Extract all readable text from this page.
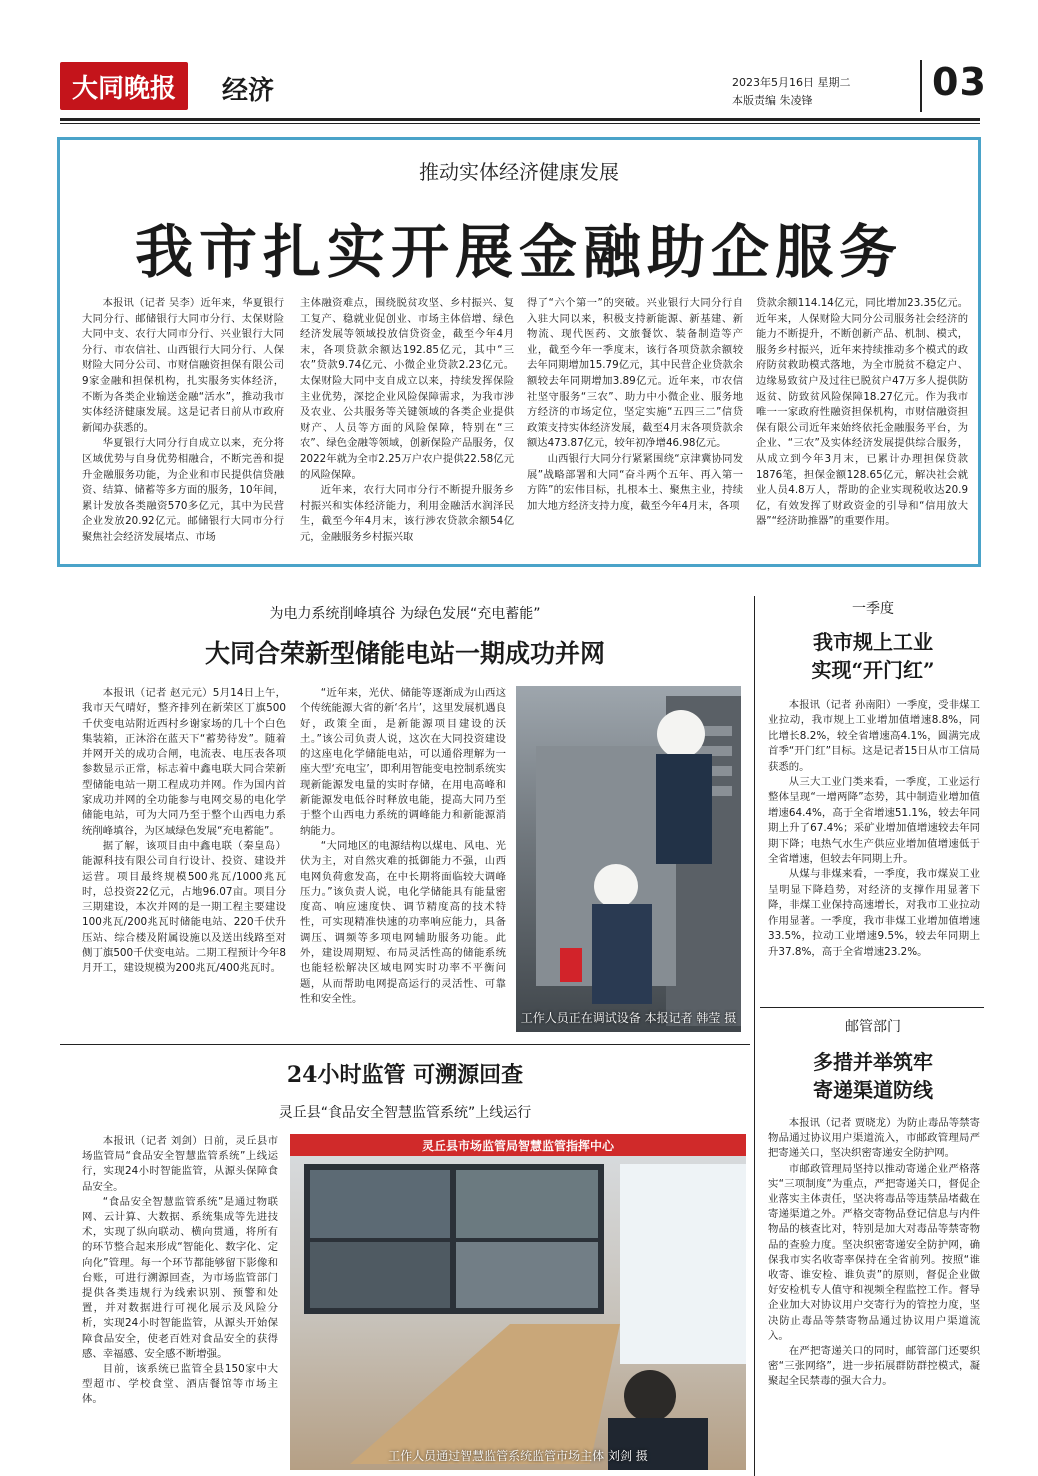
大同晚报 经济	2023年5月16日 星期二
本版责编 朱凌锋	03
推动实体经济健康发展
我市扎实开展金融助企服务

本报讯（记者 吴李）近年来，华夏银行大同分行、邮储银行大同市分行、太保财险大同中支、农行大同市分行、兴业银行大同分行、市农信社、山西银行大同分行、人保财险大同分公司、市财信融资担保有限公司9家金融和担保机构，扎实服务实体经济，不断为各类企业输送金融“活水”，推动我市实体经济健康发展。这是记者日前从市政府新闻办获悉的。

华夏银行大同分行自成立以来，充分将区域优势与自身优势相融合，不断完善和提升金融服务功能，为企业和市民提供信贷融资、结算、储蓄等多方面的服务，10年间，累计发放各类融资570多亿元，其中为民营企业发放20.92亿元。邮储银行大同市分行聚焦社会经济发展堵点、市场

主体融资难点，围绕脱贫攻坚、乡村振兴、复工复产、稳就业促创业、市场主体倍增、绿色经济发展等领域投放信贷资金，截至今年4月末，各项贷款余额达192.85亿元，其中“三农”贷款9.74亿元、小微企业贷款2.23亿元。太保财险大同中支自成立以来，持续发挥保险主业优势，深挖企业风险保障需求，为我市涉及农业、公共服务等关键领域的各类企业提供财产、人员等方面的风险保障，特别在“三农”、绿色金融等领域，创新保险产品服务，仅2022年就为全市2.25万户农户提供22.58亿元的风险保障。

近年来，农行大同市分行不断提升服务乡村振兴和实体经济能力，利用金融活水润泽民生，截至今年4月末，该行涉农贷款余额54亿元，金融服务乡村振兴取

得了“六个第一”的突破。兴业银行大同分行自入驻大同以来，积极支持新能源、新基建、新物流、现代医药、文旅餐饮、装备制造等产业，截至今年一季度末，该行各项贷款余额较去年同期增加15.79亿元，其中民营企业贷款余额较去年同期增加3.89亿元。近年来，市农信社坚守服务“三农”、助力中小微企业、服务地方经济的市场定位，坚定实施“五四三二”信贷政策支持实体经济发展，截至4月末各项贷款余额达473.87亿元，较年初净增46.98亿元。

山西银行大同分行紧紧围绕“京津冀协同发展”战略部署和大同“奋斗两个五年、再入第一方阵”的宏伟目标，扎根本土、聚焦主业，持续加大地方经济支持力度，截至今年4月末，各项

贷款余额114.14亿元，同比增加23.35亿元。近年来，人保财险大同分公司服务社会经济的能力不断提升，不断创新产品、机制、模式，服务乡村振兴，近年来持续推动多个模式的政府防贫救助模式落地，为全市脱贫不稳定户、边缘易致贫户及过往已脱贫户47万多人提供防返贫、防致贫风险保障18.27亿元。作为我市唯一一家政府性融资担保机构，市财信融资担保有限公司近年来始终依托金融服务平台，为企业、“三农”及实体经济发展提供综合服务，从成立到今年3月末，已累计办理担保贷款1876笔，担保金额128.65亿元，解决社会就业人员4.8万人，帮助的企业实现税收达20.9亿，有效发挥了财政资金的引导和“信用放大器”“经济助推器”的重要作用。

为电力系统削峰填谷 为绿色发展“充电蓄能”
大同合荣新型储能电站一期成功并网

本报讯（记者 赵元元）5月14日上午，我市天气晴好，整齐排列在新荣区丁旗500千伏变电站附近西村乡谢家场的几十个白色集装箱，正沐浴在蓝天下“蓄势待发”。随着并网开关的成功合闸，电流表、电压表各项参数显示正常，标志着中鑫电联大同合荣新型储能电站一期工程成功并网。作为国内首家成功并网的全功能参与电网交易的电化学储能电站，可为大同乃至于整个山西电力系统削峰填谷，为区域绿色发展“充电蓄能”。

据了解，该项目由中鑫电联（秦皇岛）能源科技有限公司自行设计、投资、建设并运营。项目最终规模500兆瓦/1000兆瓦时，总投资22亿元，占地96.07亩。项目分三期建设，本次并网的是一期工程主要建设100兆瓦/200兆瓦时储能电站、220千伏升压站、综合楼及附属设施以及送出线路至对侧丁旗500千伏变电站。二期工程预计今年8月开工，建设规模为200兆瓦/400兆瓦时。

“近年来，光伏、储能等逐渐成为山西这个传统能源大省的新‘名片’，这里发展机遇良好，政策全面，是新能源项目建设的沃土。”该公司负责人说，这次在大同投资建设的这座电化学储能电站，可以通俗理解为一座大型‘充电宝’，即利用智能变电控制系统实现新能源发电量的实时存储，在用电高峰和新能源发电低谷时释放电能，提高大同乃至于整个山西电力系统的调峰能力和新能源消纳能力。

“大同地区的电源结构以煤电、风电、光伏为主，对自然灾难的抵御能力不强，山西电网负荷愈发高，在中长期将面临较大调峰压力。”该负责人说，电化学储能具有能量密度高、响应速度快、调节精度高的技术特性，可实现精准快速的功率响应能力，具备调压、调频等多项电网辅助服务功能。此外，建设周期短、布局灵活性高的储能系统也能轻松解决区域电网实时功率不平衡问题，从而帮助电网提高运行的灵活性、可靠性和安全性。

工作人员正在调试设备 本报记者 韩莹 摄
一季度
我市规上工业
实现“开门红”

本报讯（记者 孙南阳）一季度，受非煤工业拉动，我市规上工业增加值增速8.8%，同比增长8.2%，较全省增速高4.1%，圆满完成首季“开门红”目标。这是记者15日从市工信局获悉的。

从三大工业门类来看，一季度，工业运行整体呈现“一增两降”态势，其中制造业增加值增速64.4%，高于全省增速51.1%，较去年同期上升了67.4%；采矿业增加值增速较去年同期下降；电热气水生产供应业增加值增速低于全省增速，但较去年同期上升。

从煤与非煤来看，一季度，我市煤炭工业呈明显下降趋势，对经济的支撑作用显著下降，非煤工业保持高速增长，对我市工业拉动作用显著。一季度，我市非煤工业增加值增速33.5%，拉动工业增速9.5%，较去年同期上升37.8%，高于全省增速23.2%。

邮管部门
多措并举筑牢
寄递渠道防线

本报讯（记者 贾晓龙）为防止毒品等禁寄物品通过协议用户渠道流入，市邮政管理局严把寄递关口，坚决织密寄递安全防护网。

市邮政管理局坚持以推动寄递企业严格落实“三项制度”为重点，严把寄递关口，督促企业落实主体责任，坚决将毒品等违禁品堵截在寄递渠道之外。严格交寄物品登记信息与内件物品的核查比对，特别是加大对毒品等禁寄物品的查验力度。坚决织密寄递安全防护网，确保我市实名收寄率保持在全省前列。按照“谁收寄、谁安检、谁负责”的原则，督促企业做好安检机专人值守和视频全程监控工作。督导企业加大对协议用户交寄行为的管控力度，坚决防止毒品等禁寄物品通过协议用户渠道流入。

在严把寄递关口的同时，邮管部门还要织密“三张网络”，进一步拓展群防群控模式，凝聚起全民禁毒的强大合力。

24小时监管 可溯源回查
灵丘县“食品安全智慧监管系统”上线运行

本报讯（记者 刘剑）日前，灵丘县市场监管局“食品安全智慧监管系统”上线运行，实现24小时智能监管，从源头保障食品安全。

“食品安全智慧监管系统”是通过物联网、云计算、大数据、系统集成等先进技术，实现了纵向联动、横向贯通，将所有的环节整合起来形成“智能化、数字化、定向化”管理。每一个环节都能够留下影像和台账，可进行溯源回查，为市场监管部门提供各类违规行为线索识别、预警和处置，并对数据进行可视化展示及风险分析，实现24小时智能监管，从源头开始保障食品安全，使老百姓对食品安全的获得感、幸福感、安全感不断增强。

目前，该系统已监管全县150家中大型超市、学校食堂、酒店餐馆等市场主体。

灵丘县市场监管局智慧监管指挥中心
工作人员通过智慧监管系统监管市场主体 刘剑 摄
